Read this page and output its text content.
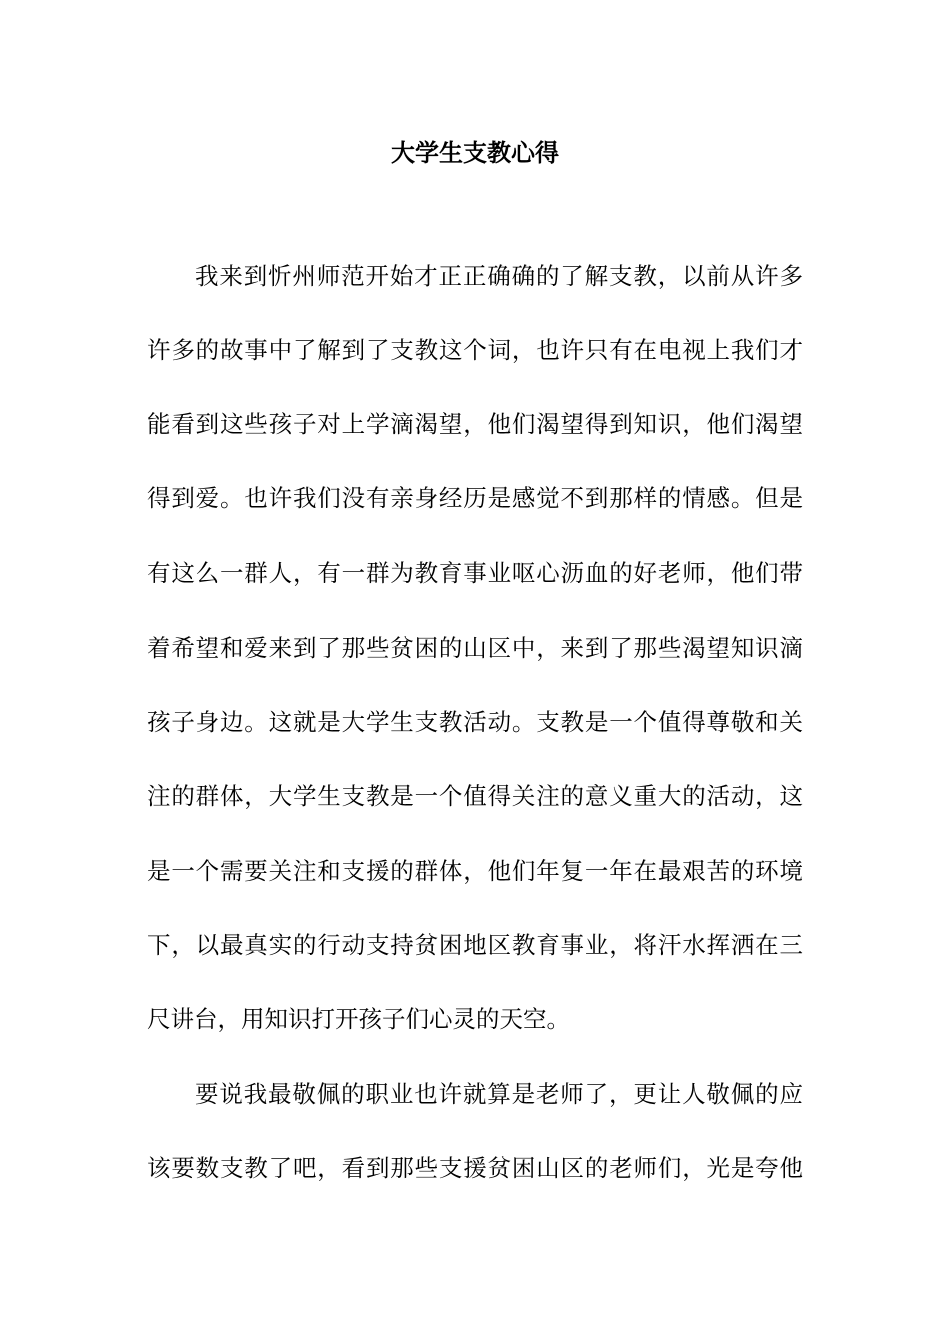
大学生支教心得
我来到忻州师范开始才正正确确的了解支教，以前从许多
许多的故事中了解到了支教这个词，也许只有在电视上我们才
能看到这些孩子对上学滴渴望，他们渴望得到知识，他们渴望
得到爱。也许我们没有亲身经历是感觉不到那样的情感。但是
有这么一群人，有一群为教育事业呕心沥血的好老师，他们带
着希望和爱来到了那些贫困的山区中，来到了那些渴望知识滴
孩子身边。这就是大学生支教活动。支教是一个值得尊敬和关
注的群体，大学生支教是一个值得关注的意义重大的活动，这
是一个需要关注和支援的群体，他们年复一年在最艰苦的环境
下，以最真实的行动支持贫困地区教育事业，将汗水挥洒在三
尺讲台，用知识打开孩子们心灵的天空。
要说我最敬佩的职业也许就算是老师了，更让人敬佩的应
该要数支教了吧，看到那些支援贫困山区的老师们，光是夸他
